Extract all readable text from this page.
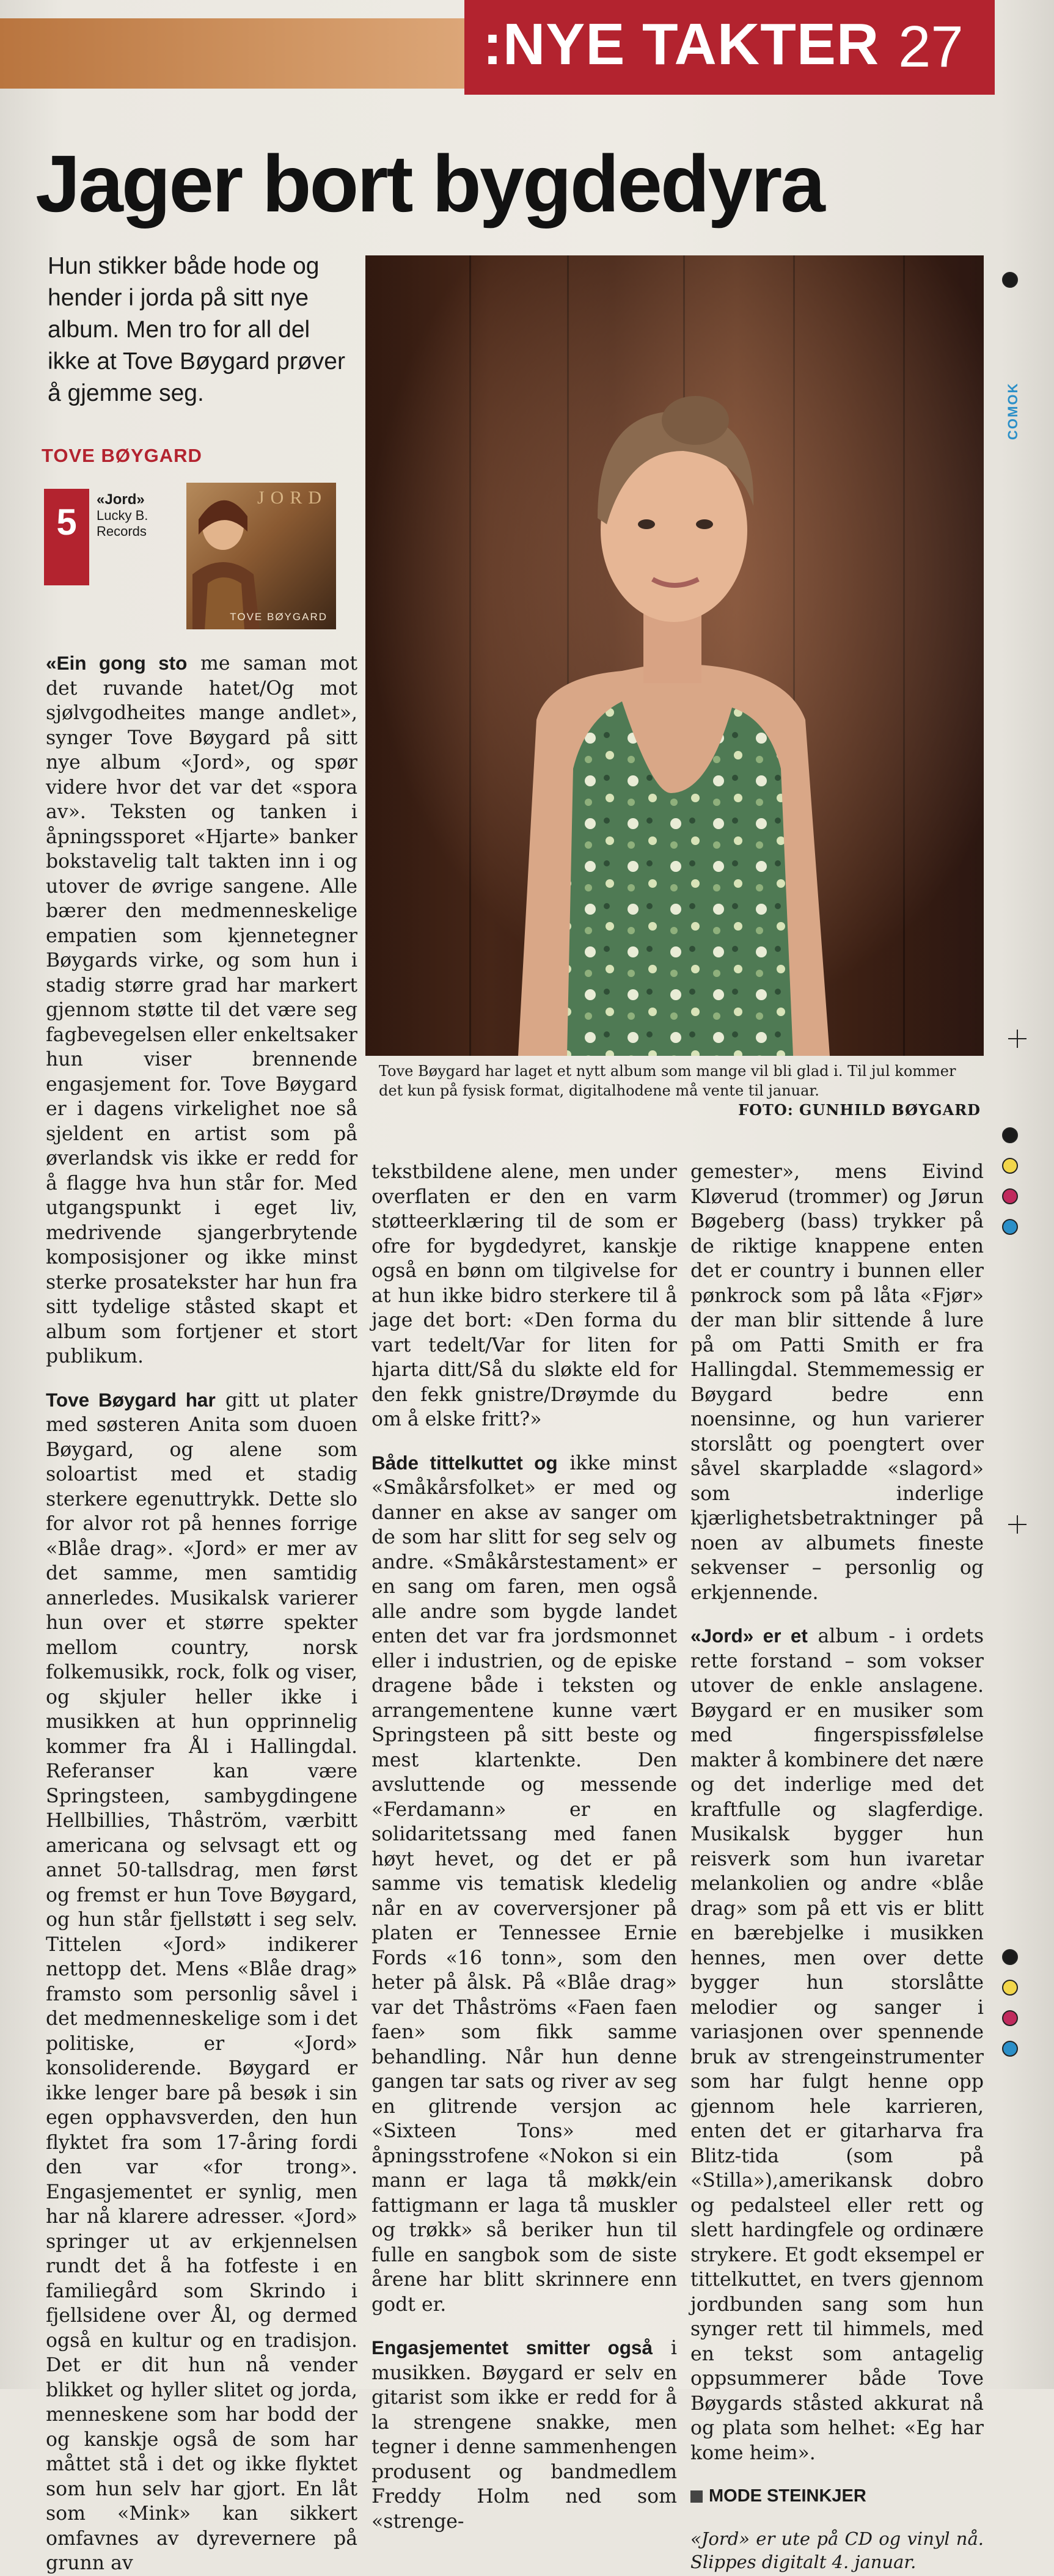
:NYE TAKTER 27
Jager bort bygdedyra
Hun stikker både hode og hender i jorda på sitt nye album. Men tro for all del ikke at Tove Bøygard prøver å gjemme seg.
TOVE BØYGARD
5
«Jord»
Lucky B.
Records
JORD
TOVE BØYGARD
Tove Bøygard har laget et nytt album som mange vil bli glad i. Til jul kommer det kun på fysisk format, digitalhodene må vente til januar.
FOTO: GUNHILD BØYGARD

«Ein gong sto me saman mot det ruvande hatet/Og mot sjølvgodheites mange andlet», synger Tove Bøygard på sitt nye album «Jord», og spør videre hvor det var det «spora av». Teksten og tanken i åpningssporet «Hjarte» banker bokstavelig talt takten inn i og utover de øvrige sangene. Alle bærer den medmenneskelige empatien som kjennetegner Bøygards virke, og som hun i stadig større grad har markert gjennom støtte til det være seg fagbevegelsen eller enkeltsaker hun viser brennende engasjement for. Tove Bøygard er i dagens virkelighet noe så sjeldent en artist som på øverlandsk vis ikke er redd for å flagge hva hun står for. Med utgangspunkt i eget liv, medrivende sjangerbrytende komposisjoner og ikke minst sterke prosatekster har hun fra sitt tydelige ståsted skapt et album som fortjener et stort publikum.

Tove Bøygard har gitt ut plater med søsteren Anita som duoen Bøygard, og alene som soloartist med et stadig sterkere egenuttrykk. Dette slo for alvor rot på hennes forrige «Blåe drag». «Jord» er mer av det samme, men samtidig annerledes. Musikalsk varierer hun over et større spekter mellom country, norsk folkemusikk, rock, folk og viser, og skjuler heller ikke i musikken at hun opprinnelig kommer fra Ål i Hallingdal. Referanser kan være Springsteen, sambygdingene Hellbillies, Thåström, værbitt americana og selvsagt ett og annet 50-tallsdrag, men først og fremst er hun Tove Bøygard, og hun står fjellstøtt i seg selv. Tittelen «Jord» indikerer nettopp det. Mens «Blåe drag» framsto som personlig såvel i det medmenneskelige som i det politiske, er «Jord» konsoliderende. Bøygard er ikke lenger bare på besøk i sin egen opphavsverden, den hun flyktet fra som 17-åring fordi den var «for trong». Engasjementet er synlig, men har nå klarere adresser. «Jord» springer ut av erkjennelsen rundt det å ha fotfeste i en familiegård som Skrindo i fjellsidene over Ål, og dermed også en kultur og en tradisjon. Det er dit hun nå vender blikket og hyller slitet og jorda, menneskene som har bodd der og kanskje også de som har måttet stå i det og ikke flyktet som hun selv har gjort. En låt som «Mink» kan sikkert omfavnes av dyrevernere på grunn av

tekstbildene alene, men under overflaten er den en varm støtteerklæring til de som er ofre for bygdedyret, kanskje også en bønn om tilgivelse for at hun ikke bidro sterkere til å jage det bort: «Den forma du vart tedelt/Var for liten for hjarta ditt/Så du sløkte eld for den fekk gnistre/Drøymde du om å elske fritt?»

Både tittelkuttet og ikke minst «Småkårsfolket» er med og danner en akse av sanger om de som har slitt for seg selv og andre. «Småkårstestament» er en sang om faren, men også alle andre som bygde landet enten det var fra jordsmonnet eller i industrien, og de episke dragene både i teksten og arrangementene kunne vært Springsteen på sitt beste og mest klartenkte. Den avsluttende og messende «Ferdamann» er en solidaritetssang med fanen høyt hevet, og det er på samme vis tematisk kledelig når en av coverversjoner på platen er Tennessee Ernie Fords «16 tonn», som den heter på ålsk. På «Blåe drag» var det Thåströms «Faen faen faen» som fikk samme behandling. Når hun denne gangen tar sats og river av seg en glitrende versjon ac «Sixteen Tons» med åpningsstrofene «Nokon si ein mann er laga tå møkk/ein fattigmann er laga tå muskler og trøkk» så beriker hun til fulle en sangbok som de siste årene har blitt skrinnere enn godt er.

Engasjementet smitter også i musikken. Bøygard er selv en gitarist som ikke er redd for å la strengene snakke, men tegner i denne sammenhengen produsent og bandmedlem Freddy Holm ned som «strenge-

gemester», mens Eivind Kløverud (trommer) og Jørun Bøgeberg (bass) trykker på de riktige knappene enten det er country i bunnen eller pønkrock som på låta «Fjør» der man blir sittende å lure på om Patti Smith er fra Hallingdal. Stemmemessig er Bøygard bedre enn noensinne, og hun varierer storslått og poengtert over såvel skarpladde «slagord» som inderlige kjærlighetsbetraktninger på noen av albumets fineste sekvenser – personlig og erkjennende.

«Jord» er et album - i ordets rette forstand – som vokser utover de enkle anslagene. Bøygard er en musiker som med fingerspissfølelse makter å kombinere det nære og det inderlige med det kraftfulle og slagferdige. Musikalsk bygger hun reisverk som hun ivaretar melankolien og andre «blåe drag» som på ett vis er blitt en bærebjelke i musikken hennes, men over dette bygger hun storslåtte melodier og sanger i variasjonen over spennende bruk av strengeinstrumenter som har fulgt henne opp gjennom hele karrieren, enten det er gitarharva fra Blitz-tida (som på «Stilla»),amerikansk dobro og pedalsteel eller rett og slett hardingfele og ordinære strykere. Et godt eksempel er tittelkuttet, en tvers gjennom jordbunden sang som hun synger rett til himmels, med en tekst som antagelig oppsummerer både Tove Bøygards ståsted akkurat nå og plata som helhet: «Eg har kome heim».

MODE STEINKJER

«Jord» er ute på CD og vinyl nå. Slippes digitalt 4. januar.

COMOK
